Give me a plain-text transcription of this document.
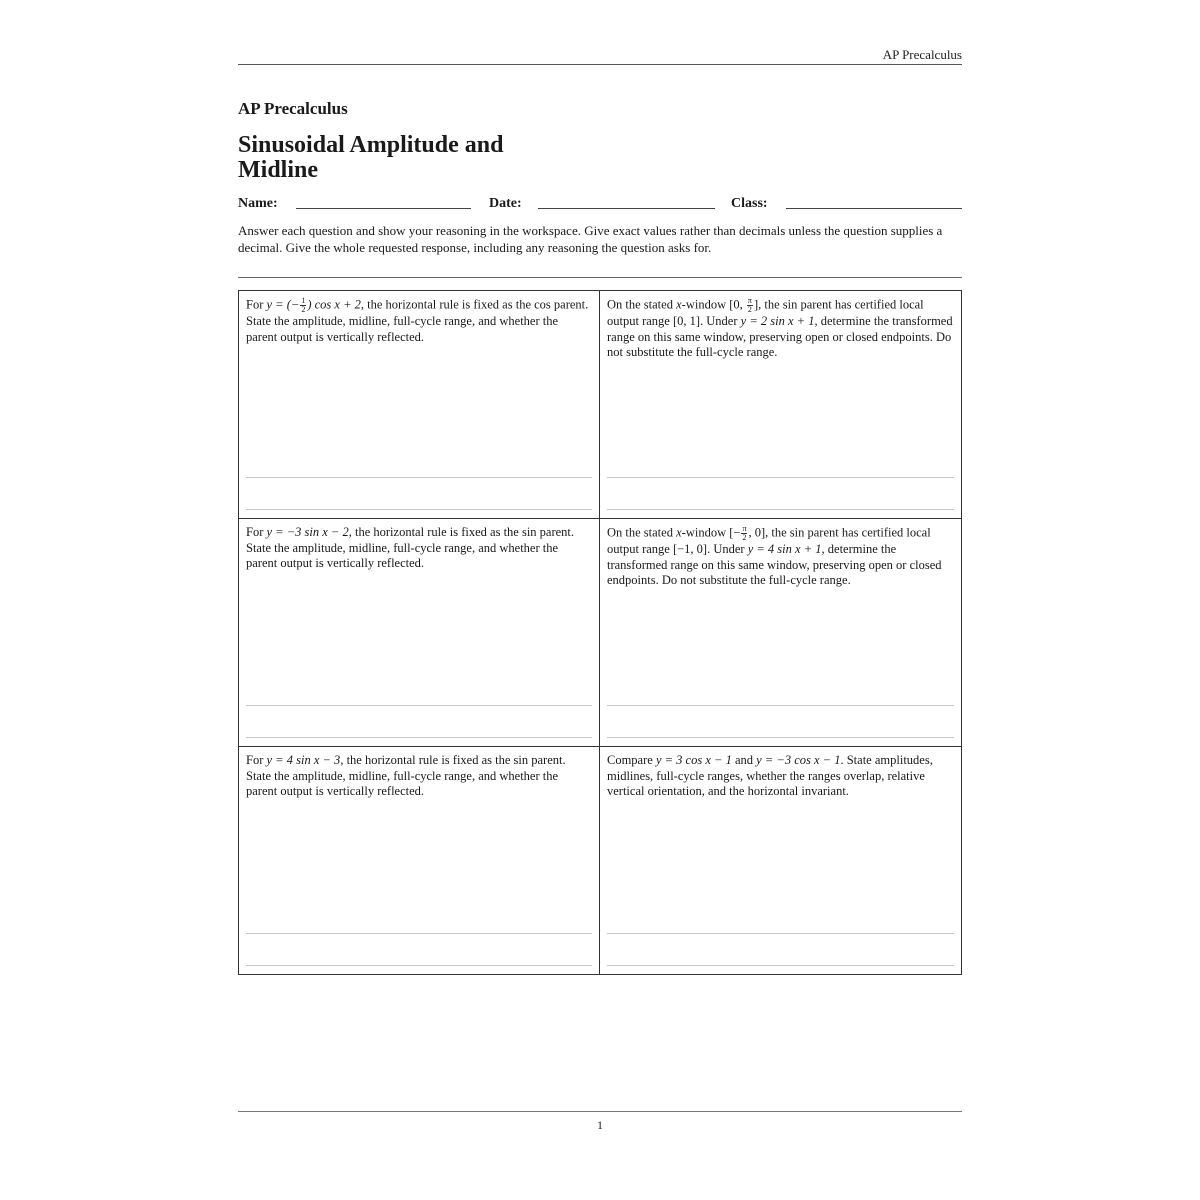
AP Precalculus
AP Precalculus
Sinusoidal Amplitude and Midline
Name:	Date:	Class:
Answer each question and show your reasoning in the workspace. Give exact values rather than decimals unless the question supplies a decimal. Give the whole requested response, including any reasoning the question asks for.

For y = (− $\frac{1}{2}$ ) cos x + 2, the horizontal rule is fixed as the cos parent. State the amplitude, midline, full-cycle range, and whether the parent output is vertically reflected.

On the stated x-window [0, $\frac{\pi}{2}$ ], the sin parent has certified local output range [0, 1]. Under y = 2 sin x + 1, determine the transformed range on this same window, preserving open or closed endpoints. Do not substitute the full-cycle range.

For y = −3 sin x − 2, the horizontal rule is fixed as the sin parent. State the amplitude, midline, full-cycle range, and whether the parent output is vertically reflected.

On the stated x-window [− $\frac{\pi}{2}$ , 0], the sin parent has certified local output range [−1, 0]. Under y = 4 sin x + 1, determine the transformed range on this same window, preserving open or closed endpoints. Do not substitute the full-cycle range.

For y = 4 sin x − 3, the horizontal rule is fixed as the sin parent. State the amplitude, midline, full-cycle range, and whether the parent output is vertically reflected.

Compare y = 3 cos x − 1 and y = −3 cos x − 1. State amplitudes, midlines, full-cycle ranges, whether the ranges overlap, relative vertical orientation, and the horizontal invariant.

1
